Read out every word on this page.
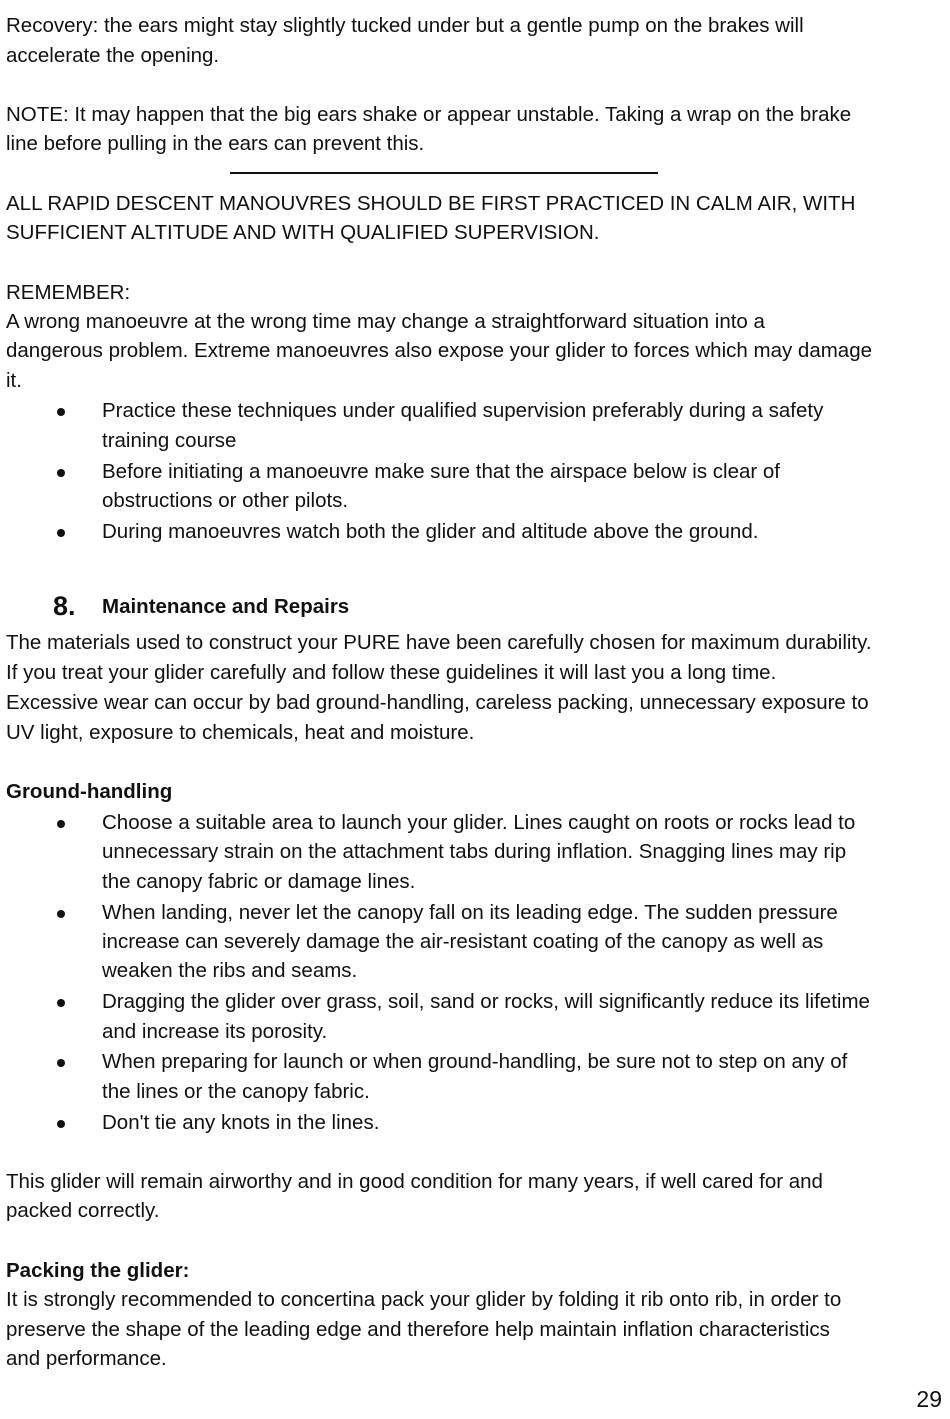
Recovery: the ears might stay slightly tucked under but a gentle pump on the brakes will
accelerate the opening.
NOTE: It may happen that the big ears shake or appear unstable. Taking a wrap on the brake
line before pulling in the ears can prevent this.
ALL RAPID DESCENT MANOUVRES SHOULD BE FIRST PRACTICED IN CALM AIR, WITH
SUFFICIENT ALTITUDE AND WITH QUALIFIED SUPERVISION.
REMEMBER:
A wrong manoeuvre at the wrong time may change a straightforward situation into a
dangerous problem. Extreme manoeuvres also expose your glider to forces which may damage
it.
Practice these techniques under qualified supervision preferably during a safety
training course
Before initiating a manoeuvre make sure that the airspace below is clear of
obstructions or other pilots.
During manoeuvres watch both the glider and altitude above the ground.
8. Maintenance and Repairs
The materials used to construct your PURE have been carefully chosen for maximum durability.
If you treat your glider carefully and follow these guidelines it will last you a long time.
Excessive wear can occur by bad ground-handling, careless packing, unnecessary exposure to
UV light, exposure to chemicals, heat and moisture.
Ground-handling
Choose a suitable area to launch your glider. Lines caught on roots or rocks lead to
unnecessary strain on the attachment tabs during inflation. Snagging lines may rip
the canopy fabric or damage lines.
When landing, never let the canopy fall on its leading edge. The sudden pressure
increase can severely damage the air-resistant coating of the canopy as well as
weaken the ribs and seams.
Dragging the glider over grass, soil, sand or rocks, will significantly reduce its lifetime
and increase its porosity.
When preparing for launch or when ground-handling, be sure not to step on any of
the lines or the canopy fabric.
Don't tie any knots in the lines.
This glider will remain airworthy and in good condition for many years, if well cared for and
packed correctly.
Packing the glider:
It is strongly recommended to concertina pack your glider by folding it rib onto rib, in order to
preserve the shape of the leading edge and therefore help maintain inflation characteristics
and performance.
29
